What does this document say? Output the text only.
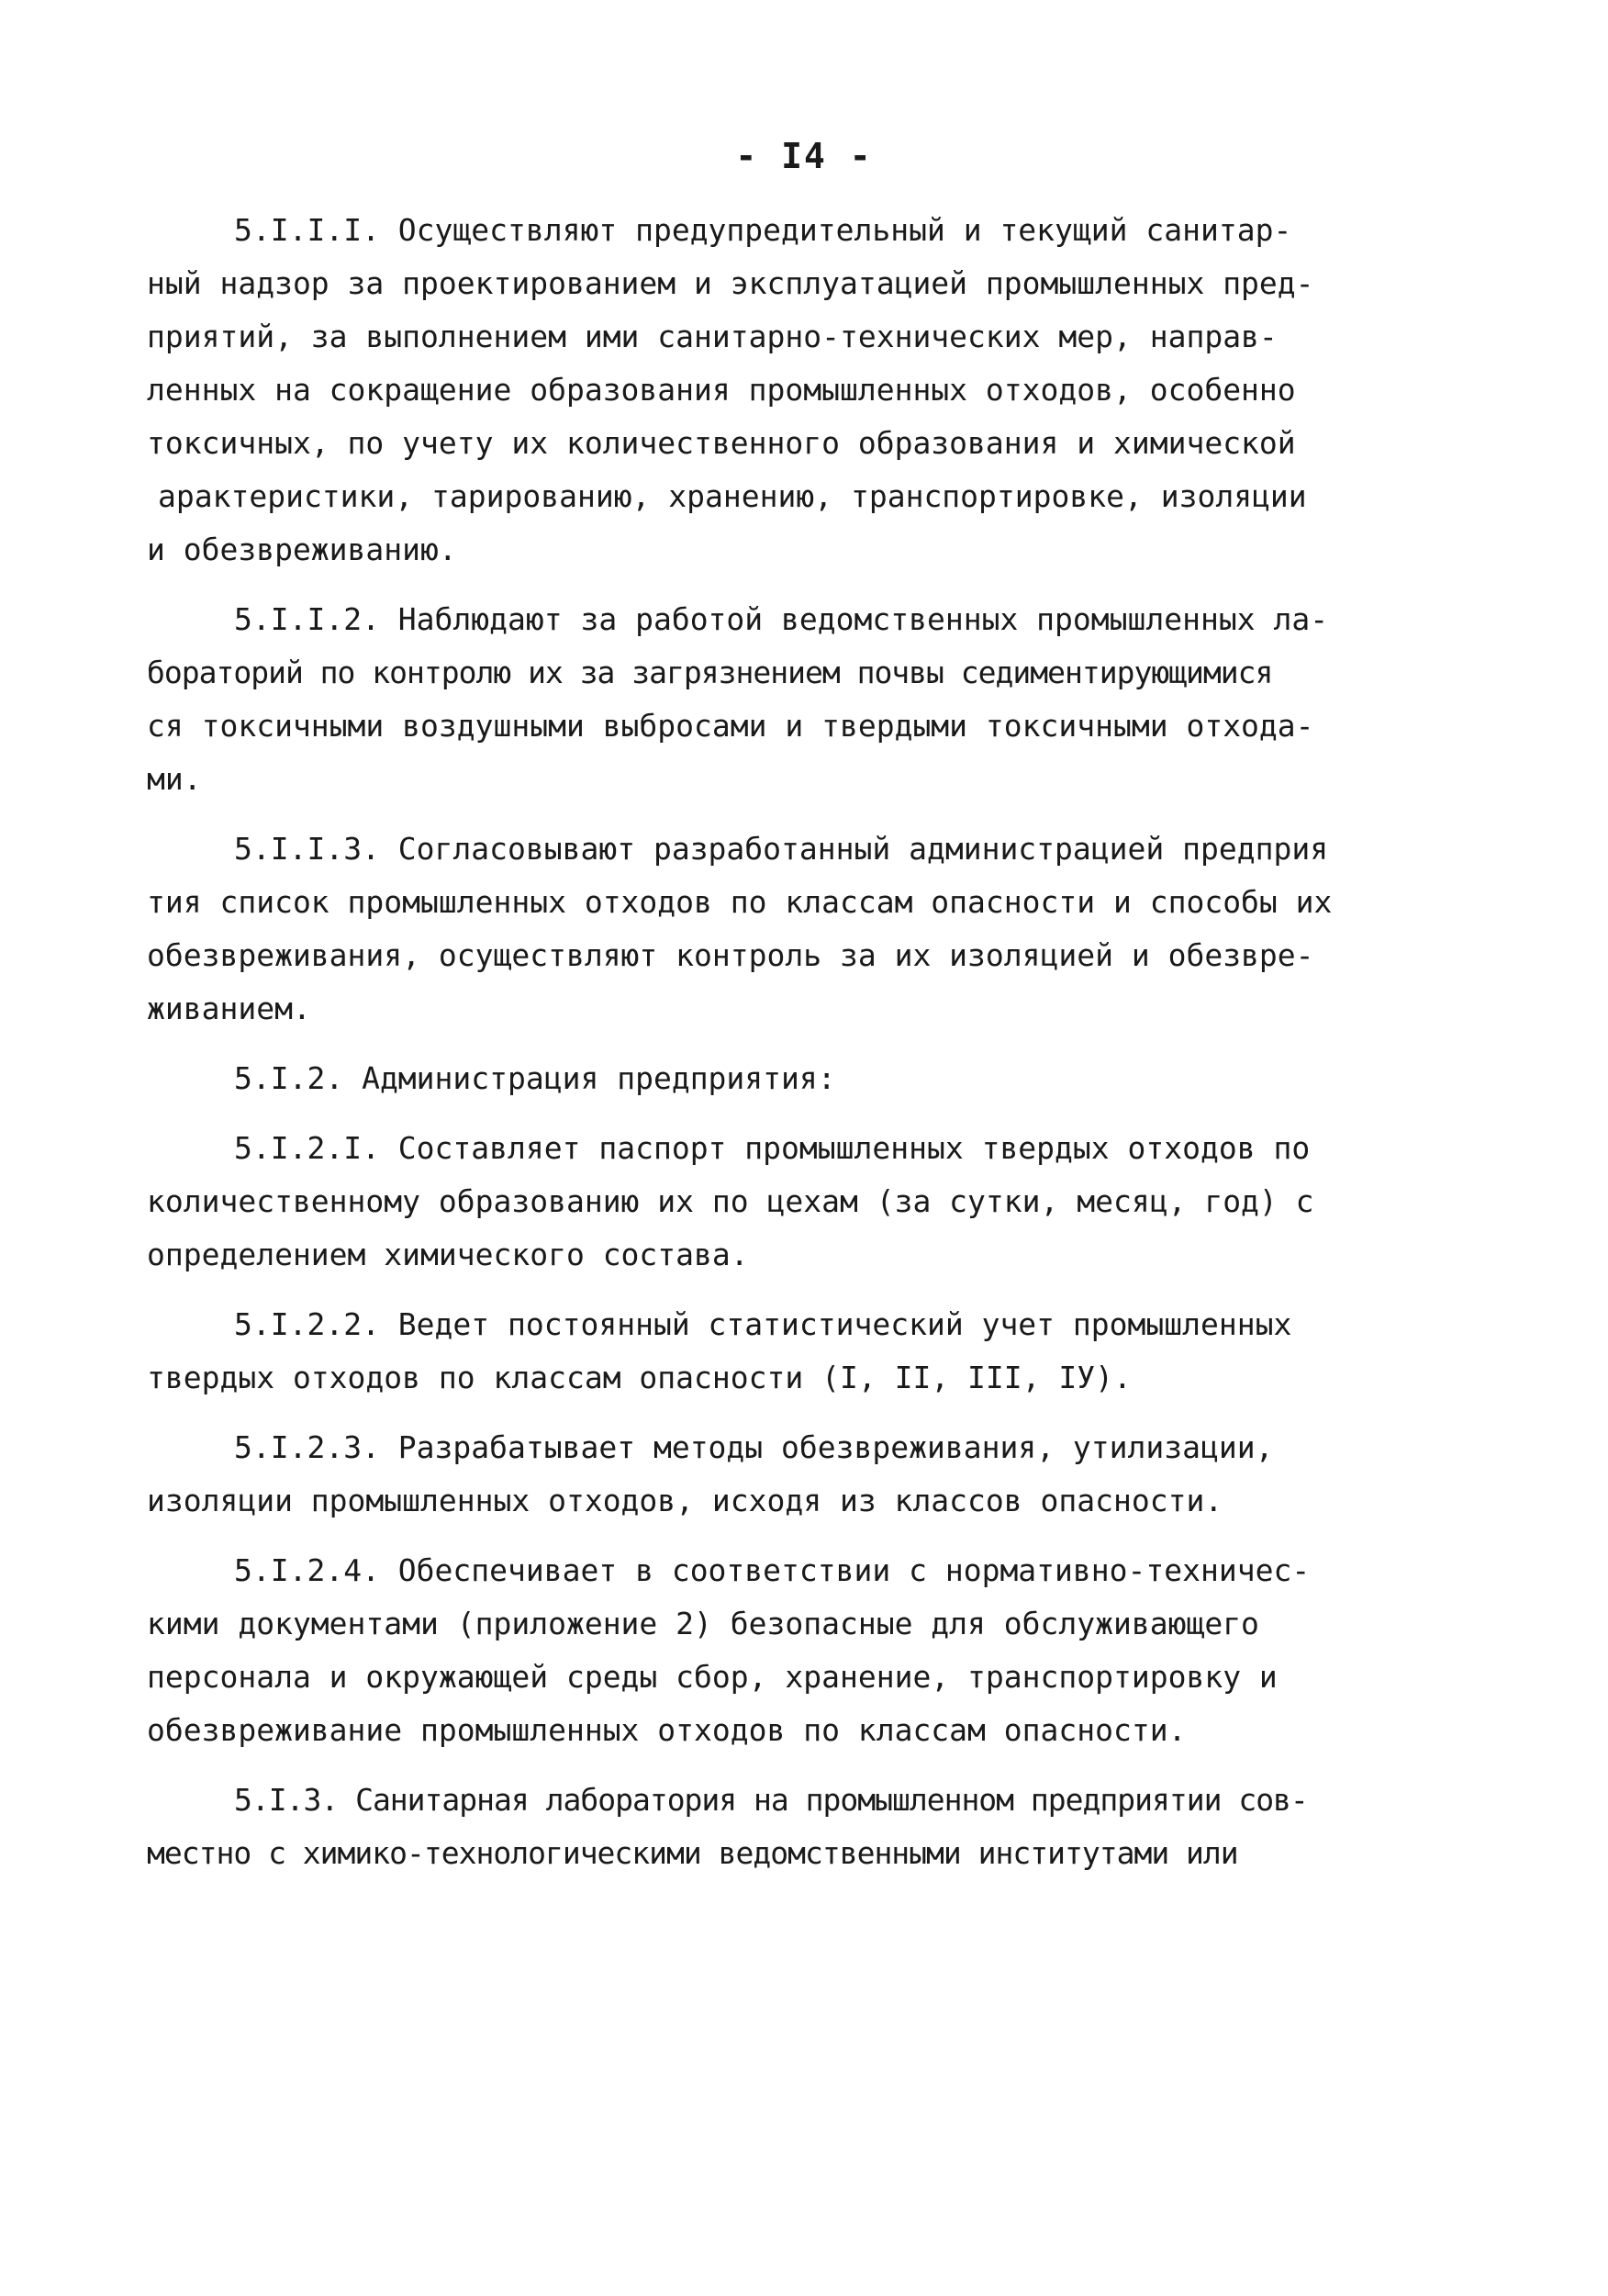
- I4 -
5.I.I.I. Осуществляют предупредительный и текущий санитар-
ный надзор за проектированием и эксплуатацией промышленных пред-
приятий, за выполнением ими санитарно-технических мер, направ-
ленных на сокращение образования промышленных отходов, особенно
токсичных, по учету их количественного образования и химической
арактеристики, тарированию, хранению, транспортировке, изоляции
и обезвреживанию.
5.I.I.2. Наблюдают за работой ведомственных промышленных ла-
бораторий по контролю их за загрязнением почвы седиментирующимися
ся токсичными воздушными выбросами и твердыми токсичными отхода-
ми.
5.I.I.3. Согласовывают разработанный администрацией предприя
тия список промышленных отходов по классам опасности и способы их
обезвреживания, осуществляют контроль за их изоляцией и обезвре-
живанием.
5.I.2. Администрация предприятия:
5.I.2.I. Составляет паспорт промышленных твердых отходов по
количественному образованию их по цехам (за сутки, месяц, год) с
определением химического состава.
5.I.2.2. Ведет постоянный статистический учет промышленных
твердых отходов по классам опасности (I, II, III, IУ).
5.I.2.3. Разрабатывает методы обезвреживания, утилизации,
изоляции промышленных отходов, исходя из классов опасности.
5.I.2.4. Обеспечивает в соответствии с нормативно-техничес-
кими документами (приложение 2) безопасные для обслуживающего
персонала и окружающей среды сбор, хранение, транспортировку и
обезвреживание промышленных отходов по классам опасности.
5.I.3. Санитарная лаборатория на промышленном предприятии сов-
местно с химико-технологическими ведомственными институтами или
